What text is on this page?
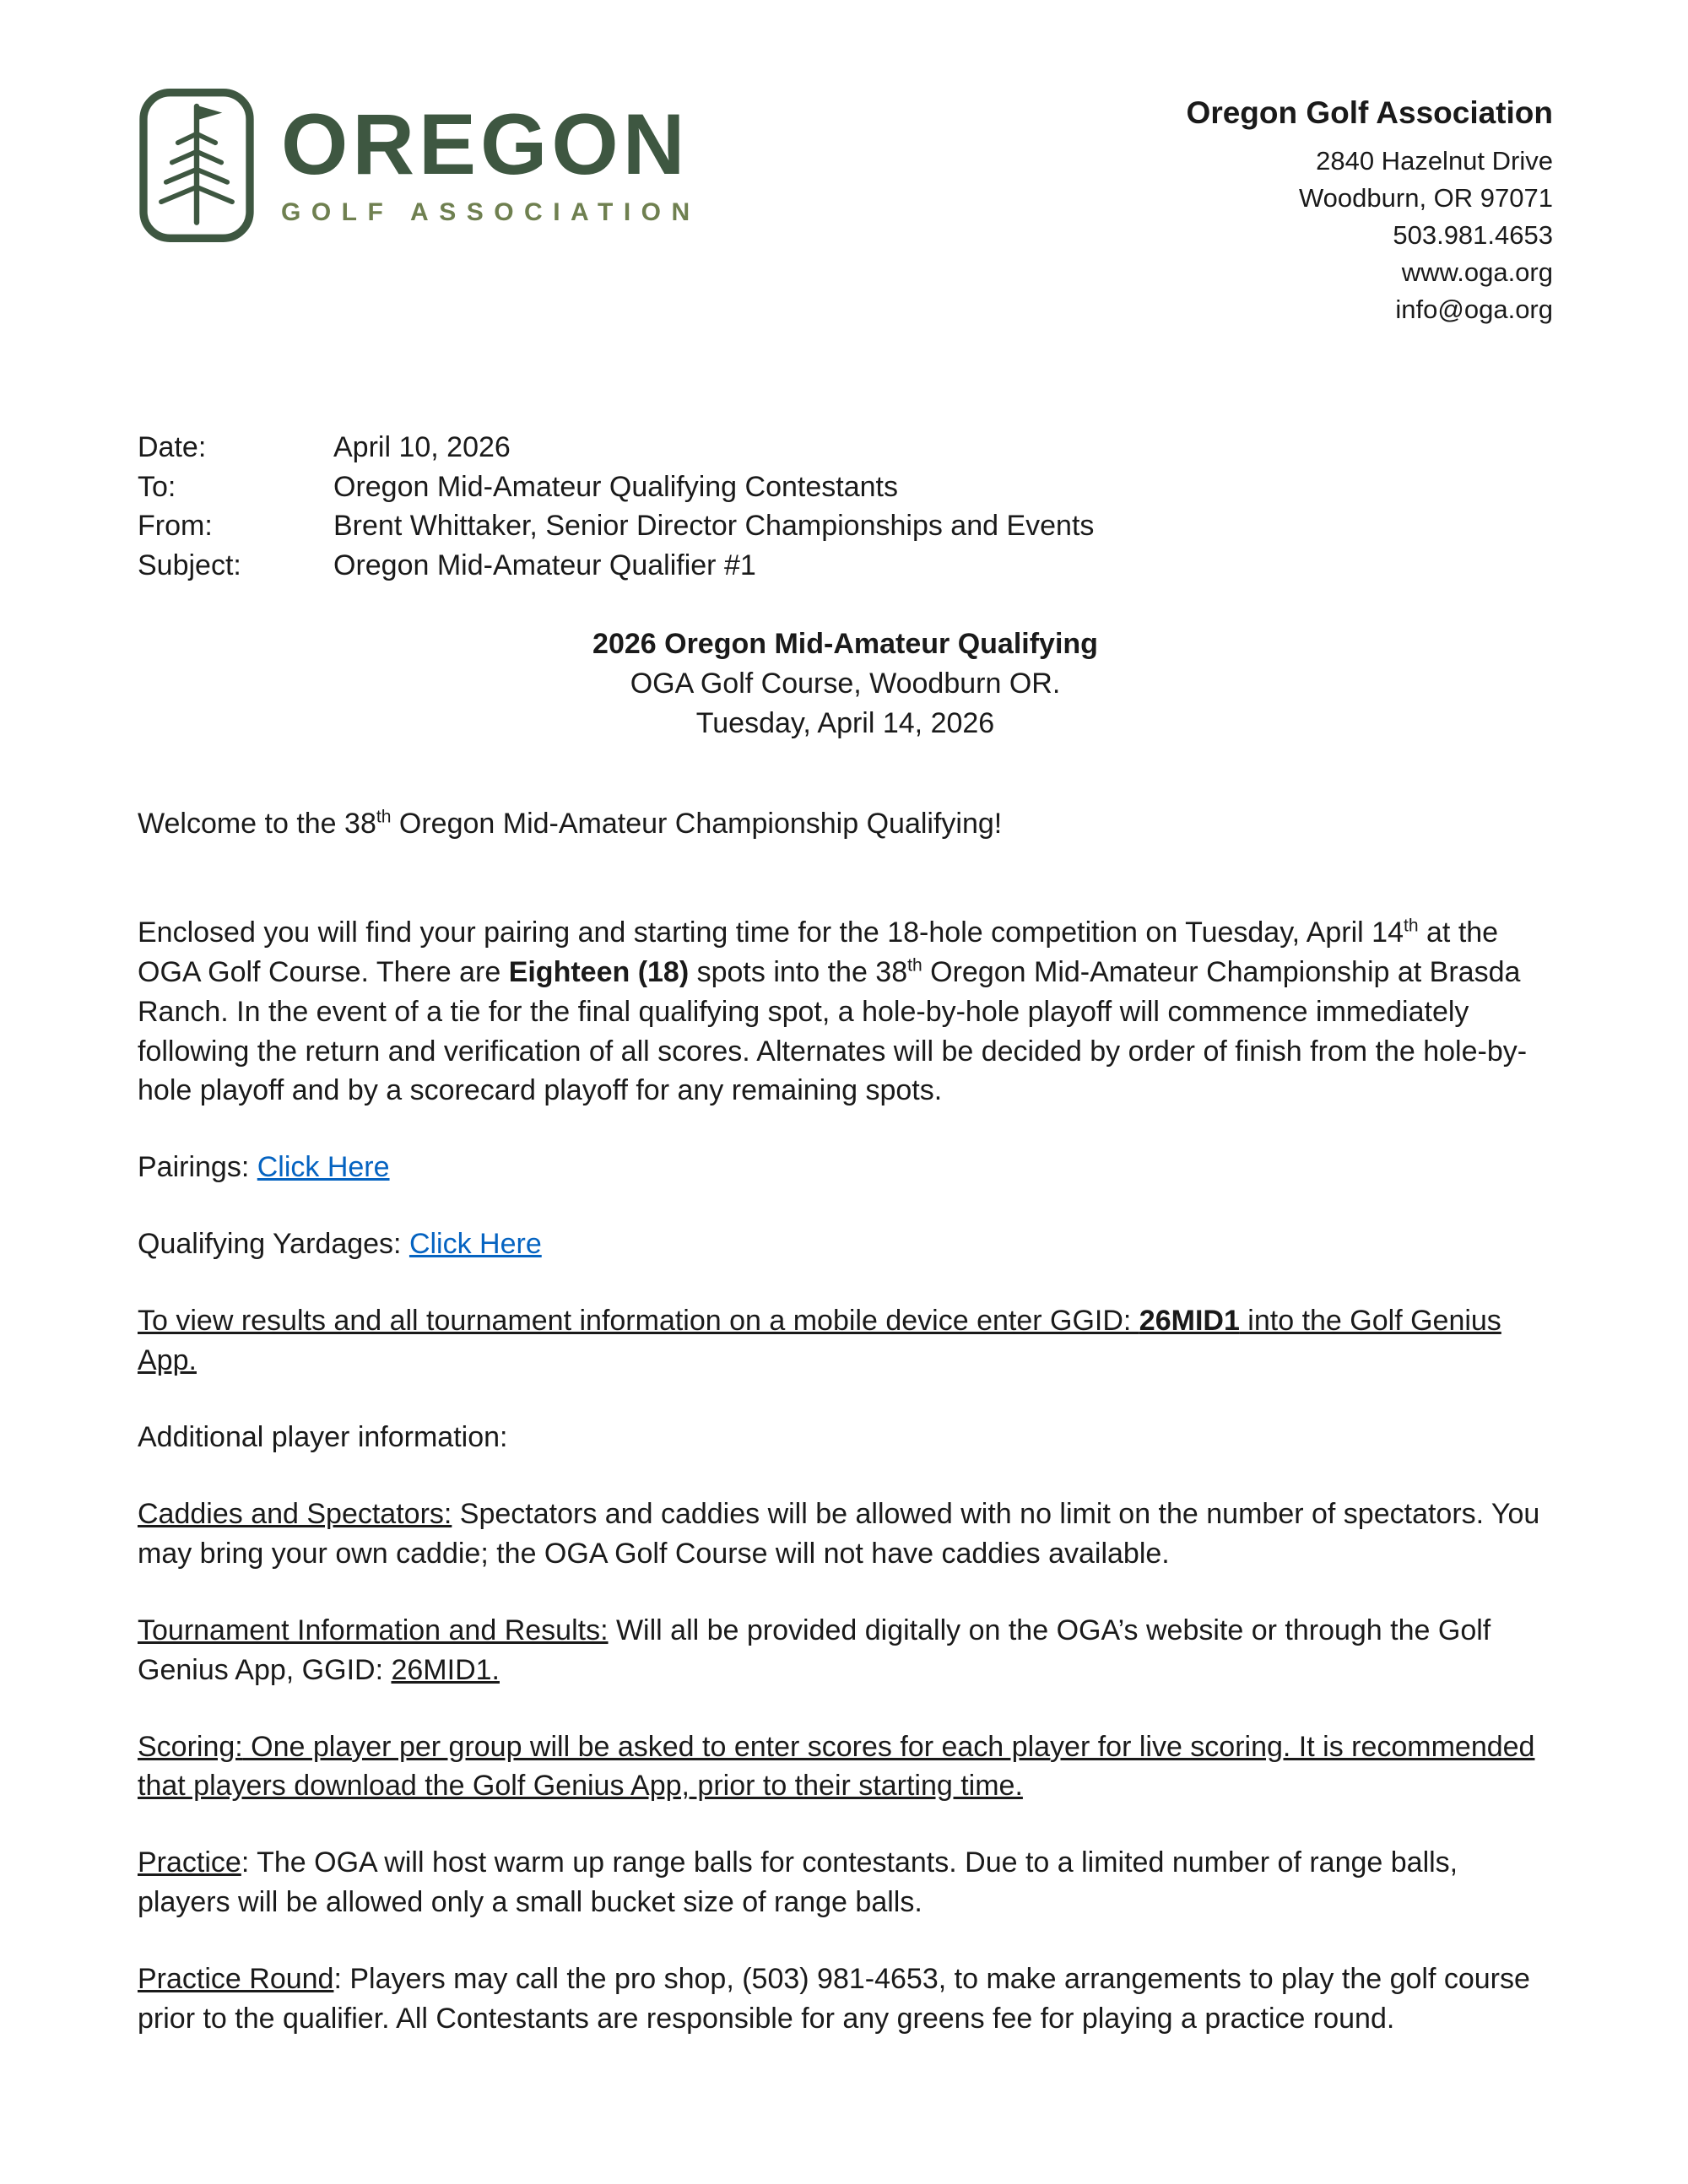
OREGON
GOLF ASSOCIATION
Oregon Golf Association
2840 Hazelnut Drive
Woodburn, OR 97071
503.981.4653
www.oga.org
info@oga.org
Date:	April 10, 2026
To:	Oregon Mid-Amateur Qualifying Contestants
From:	Brent Whittaker, Senior Director Championships and Events
Subject:	Oregon Mid-Amateur Qualifier #1
2026 Oregon Mid-Amateur Qualifying
OGA Golf Course, Woodburn OR.
Tuesday, April 14, 2026

Welcome to the 38th Oregon Mid-Amateur Championship Qualifying!

Enclosed you will find your pairing and starting time for the 18-hole competition on Tuesday, April 14th at the OGA Golf Course. There are Eighteen (18) spots into the 38th Oregon Mid-Amateur Championship at Brasda Ranch. In the event of a tie for the final qualifying spot, a hole-by-hole playoff will commence immediately following the return and verification of all scores. Alternates will be decided by order of finish from the hole-by-hole playoff and by a scorecard playoff for any remaining spots.

Pairings: Click Here

Qualifying Yardages: Click Here

To view results and all tournament information on a mobile device enter GGID: 26MID1 into the Golf Genius App.

Additional player information:

Caddies and Spectators: Spectators and caddies will be allowed with no limit on the number of spectators. You may bring your own caddie; the OGA Golf Course will not have caddies available.

Tournament Information and Results: Will all be provided digitally on the OGA’s website or through the Golf Genius App, GGID: 26MID1.

Scoring: One player per group will be asked to enter scores for each player for live scoring. It is recommended that players download the Golf Genius App, prior to their starting time.

Practice: The OGA will host warm up range balls for contestants. Due to a limited number of range balls, players will be allowed only a small bucket size of range balls.

Practice Round: Players may call the pro shop, (503) 981-4653, to make arrangements to play the golf course prior to the qualifier. All Contestants are responsible for any greens fee for playing a practice round.
